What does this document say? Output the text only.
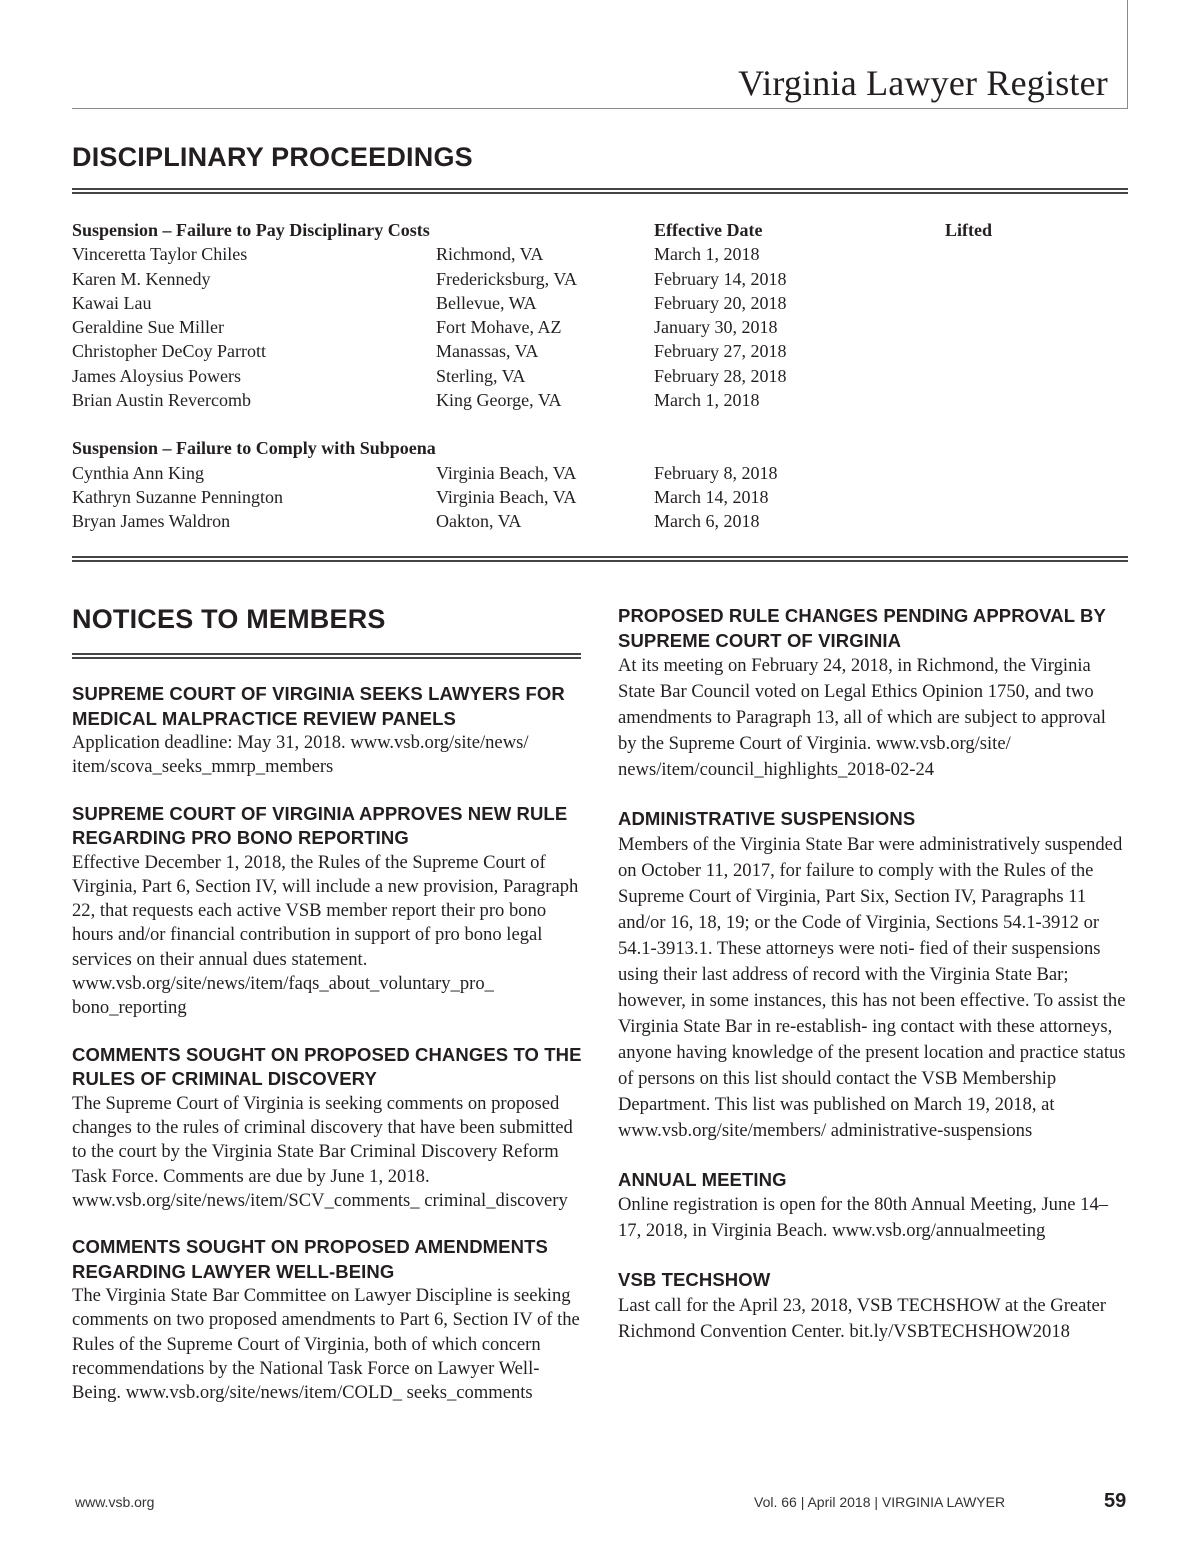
Virginia Lawyer Register
DISCIPLINARY PROCEEDINGS
Suspension – Failure to Pay Disciplinary Costs	Effective Date	Lifted
Vinceretta Taylor Chiles	Richmond, VA	March 1, 2018
Karen M. Kennedy	Fredericksburg, VA	February 14, 2018
Kawai Lau	Bellevue, WA	February 20, 2018
Geraldine Sue Miller	Fort Mohave, AZ	January 30, 2018
Christopher DeCoy Parrott	Manassas, VA	February 27, 2018
James Aloysius Powers	Sterling, VA	February 28, 2018
Brian Austin Revercomb	King George, VA	March 1, 2018
Suspension – Failure to Comply with Subpoena
Cynthia Ann King	Virginia Beach, VA	February 8, 2018
Kathryn Suzanne Pennington	Virginia Beach, VA	March 14, 2018
Bryan James Waldron	Oakton, VA	March 6, 2018
NOTICES TO MEMBERS
SUPREME COURT OF VIRGINIA SEEKS LAWYERS FOR MEDICAL MALPRACTICE REVIEW PANELS

Application deadline: May 31, 2018. www.vsb.org/site/news/ item/scova_seeks_mmrp_members

SUPREME COURT OF VIRGINIA APPROVES NEW RULE REGARDING PRO BONO REPORTING

Effective December 1, 2018, the Rules of the Supreme Court of Virginia, Part 6, Section IV, will include a new provision, Paragraph 22, that requests each active VSB member report their pro bono hours and/or financial contribution in support of pro bono legal services on their annual dues statement. www.vsb.org/site/news/item/faqs_about_voluntary_pro_ bono_reporting

COMMENTS SOUGHT ON PROPOSED CHANGES TO THE RULES OF CRIMINAL DISCOVERY

The Supreme Court of Virginia is seeking comments on proposed changes to the rules of criminal discovery that have been submitted to the court by the Virginia State Bar Criminal Discovery Reform Task Force. Comments are due by June 1, 2018. www.vsb.org/site/news/item/SCV_comments_ criminal_discovery

COMMENTS SOUGHT ON PROPOSED AMENDMENTS REGARDING LAWYER WELL-BEING

The Virginia State Bar Committee on Lawyer Discipline is seeking comments on two proposed amendments to Part 6, Section IV of the Rules of the Supreme Court of Virginia, both of which concern recommendations by the National Task Force on Lawyer Well-Being. www.vsb.org/site/news/item/COLD_ seeks_comments

PROPOSED RULE CHANGES PENDING APPROVAL BY SUPREME COURT OF VIRGINIA

At its meeting on February 24, 2018, in Richmond, the Virginia State Bar Council voted on Legal Ethics Opinion 1750, and two amendments to Paragraph 13, all of which are subject to approval by the Supreme Court of Virginia. www.vsb.org/site/ news/item/council_highlights_2018-02-24

ADMINISTRATIVE SUSPENSIONS

Members of the Virginia State Bar were administratively suspended on October 11, 2017, for failure to comply with the Rules of the Supreme Court of Virginia, Part Six, Section IV, Paragraphs 11 and/or 16, 18, 19; or the Code of Virginia, Sections 54.1-3912 or 54.1-3913.1. These attorneys were noti- fied of their suspensions using their last address of record with the Virginia State Bar; however, in some instances, this has not been effective. To assist the Virginia State Bar in re-establish- ing contact with these attorneys, anyone having knowledge of the present location and practice status of persons on this list should contact the VSB Membership Department. This list was published on March 19, 2018, at www.vsb.org/site/members/ administrative-suspensions

ANNUAL MEETING

Online registration is open for the 80th Annual Meeting, June 14–17, 2018, in Virginia Beach. www.vsb.org/annualmeeting

VSB TECHSHOW

Last call for the April 23, 2018, VSB TECHSHOW at the Greater Richmond Convention Center. bit.ly/VSBTECHSHOW2018

www.vsb.org	Vol. 66 | April 2018 | VIRGINIA LAWYER	59
